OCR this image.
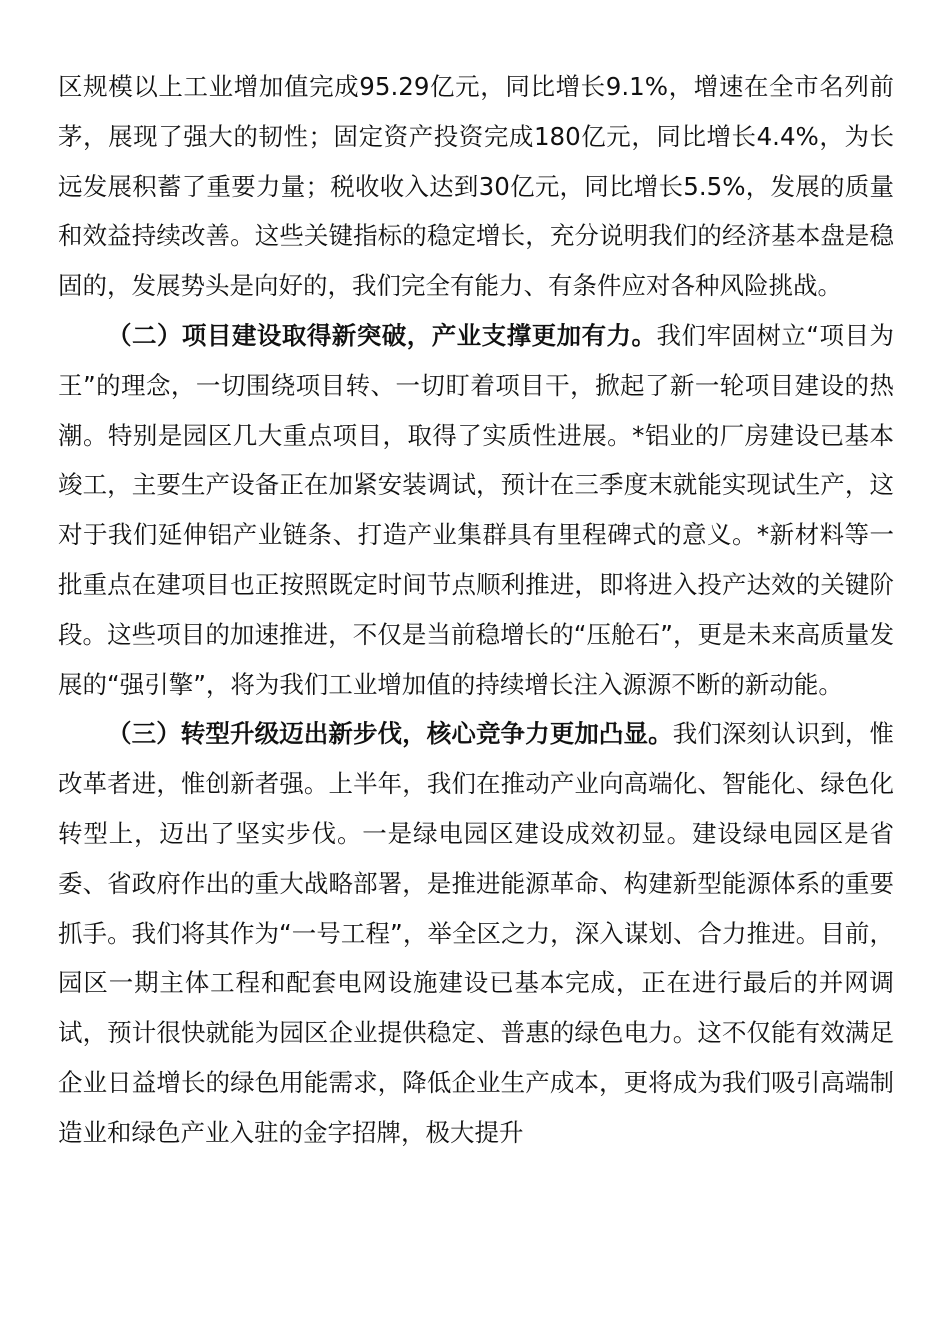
区规模以上工业增加值完成95.29亿元，同比增长9.1%，增速在全市名列前茅，展现了强大的韧性；固定资产投资完成180亿元，同比增长4.4%，为长远发展积蓄了重要力量；税收收入达到30亿元，同比增长5.5%，发展的质量和效益持续改善。这些关键指标的稳定增长，充分说明我们的经济基本盘是稳固的，发展势头是向好的，我们完全有能力、有条件应对各种风险挑战。

（二）项目建设取得新突破，产业支撑更加有力。我们牢固树立“项目为王”的理念，一切围绕项目转、一切盯着项目干，掀起了新一轮项目建设的热潮。特别是园区几大重点项目，取得了实质性进展。*铝业的厂房建设已基本竣工，主要生产设备正在加紧安装调试，预计在三季度末就能实现试生产，这对于我们延伸铝产业链条、打造产业集群具有里程碑式的意义。*新材料等一批重点在建项目也正按照既定时间节点顺利推进，即将进入投产达效的关键阶段。这些项目的加速推进，不仅是当前稳增长的“压舱石”，更是未来高质量发展的“强引擎”，将为我们工业增加值的持续增长注入源源不断的新动能。

（三）转型升级迈出新步伐，核心竞争力更加凸显。我们深刻认识到，惟改革者进，惟创新者强。上半年，我们在推动产业向高端化、智能化、绿色化转型上，迈出了坚实步伐。一是绿电园区建设成效初显。建设绿电园区是省委、省政府作出的重大战略部署，是推进能源革命、构建新型能源体系的重要抓手。我们将其作为“一号工程”，举全区之力，深入谋划、合力推进。目前，园区一期主体工程和配套电网设施建设已基本完成，正在进行最后的并网调试，预计很快就能为园区企业提供稳定、普惠的绿色电力。这不仅能有效满足企业日益增长的绿色用能需求，降低企业生产成本，更将成为我们吸引高端制造业和绿色产业入驻的金字招牌，极大提升
